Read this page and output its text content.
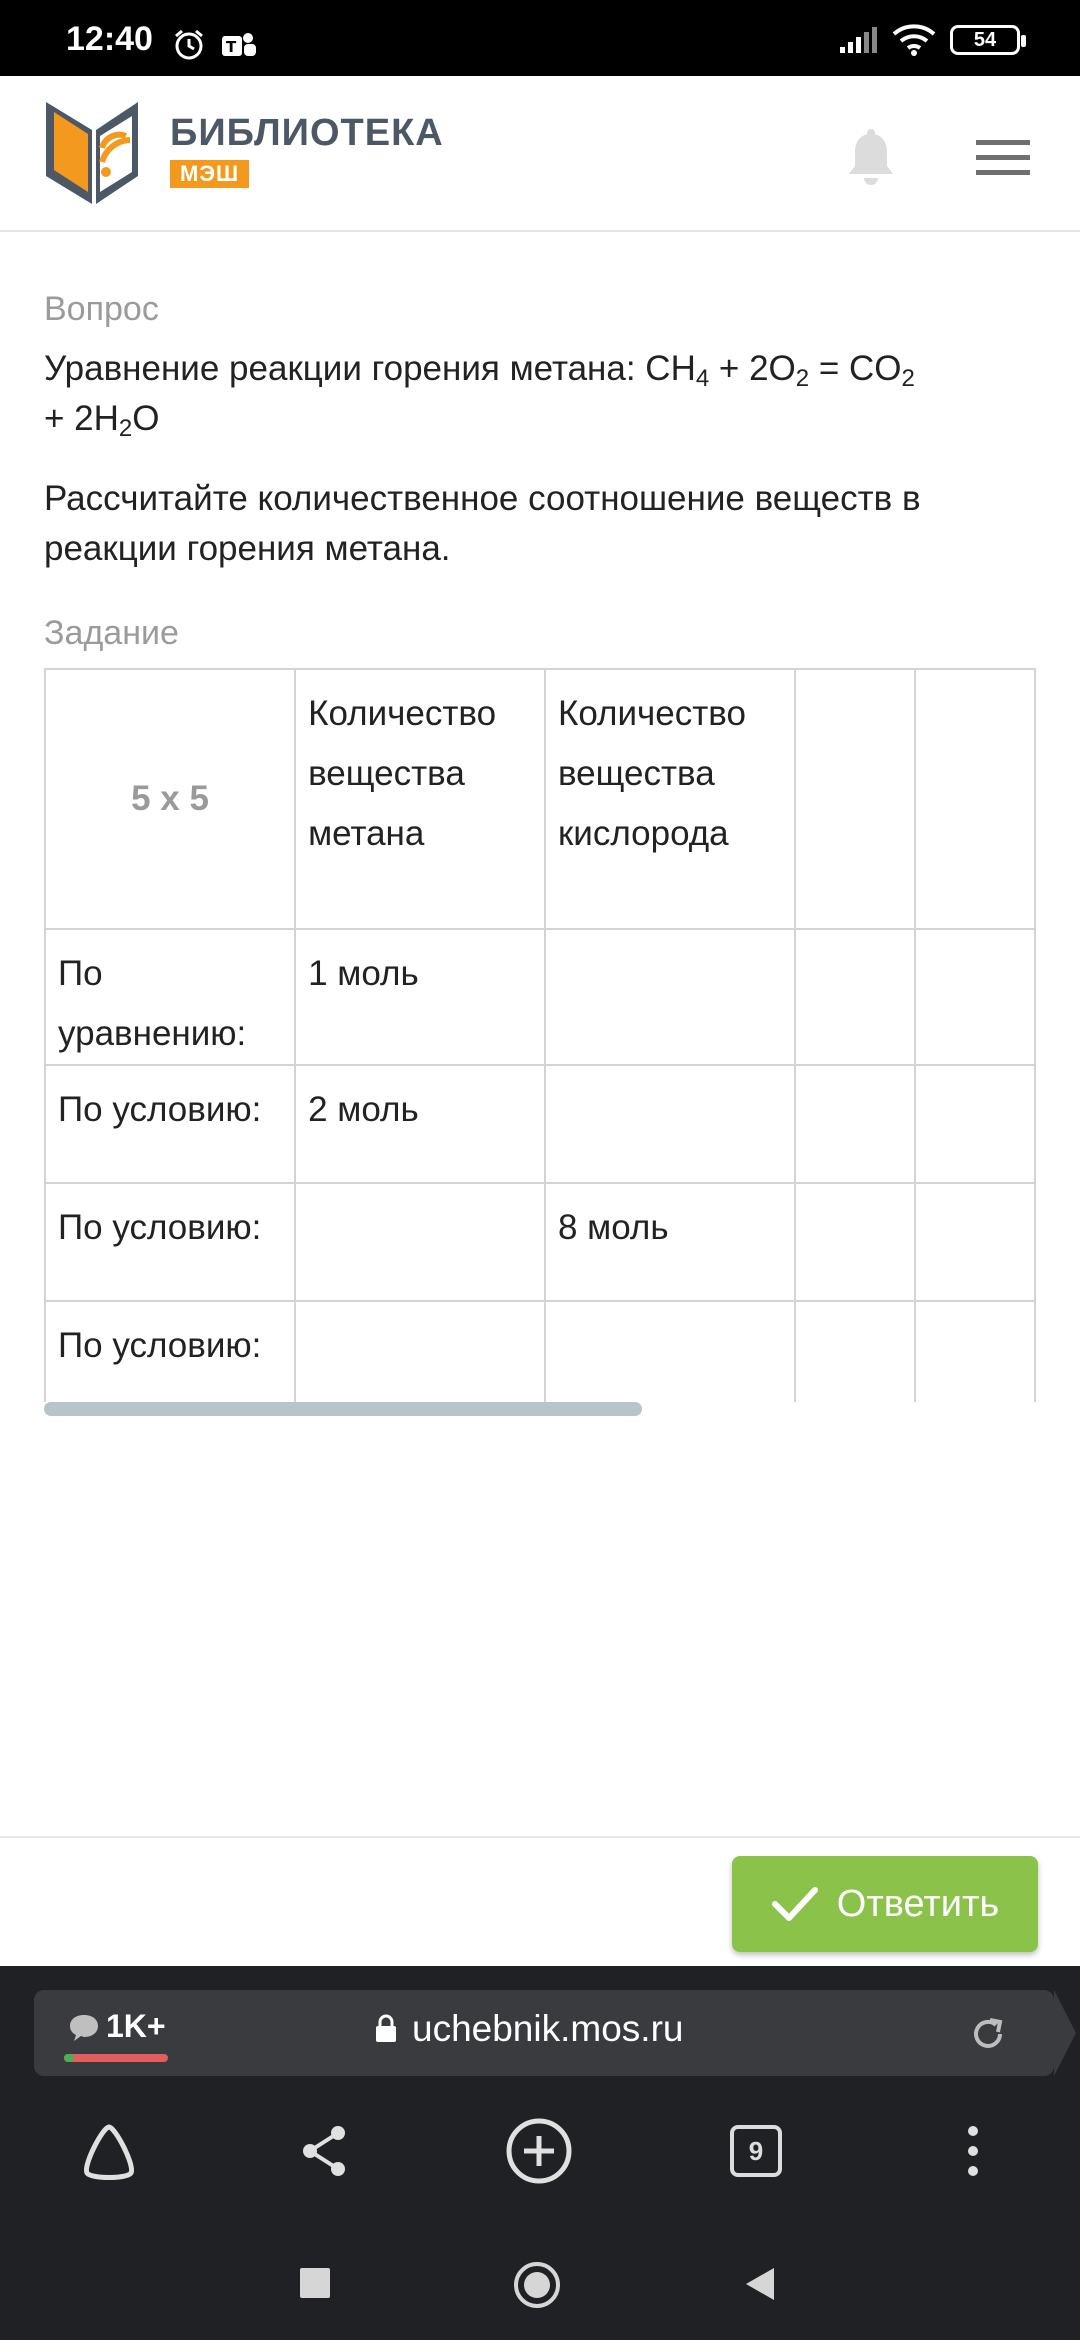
12:40	T	54
БИБЛИОТЕКА
МЭШ
Вопрос
Уравнение реакции горения метана: $CH_4 + 2O_2 = CO_2$
+ $2H_2O$
Рассчитайте количественное соотношение веществ в реакции горения метана.
Задание
5 x 5	Количество вещества метана	Количество вещества кислорода		
По уравнению:	1 моль			
По условию:	2 моль			
По условию:		8 моль		
По условию:				
Ответить
1K+	uchebnik.mos.ru
9
